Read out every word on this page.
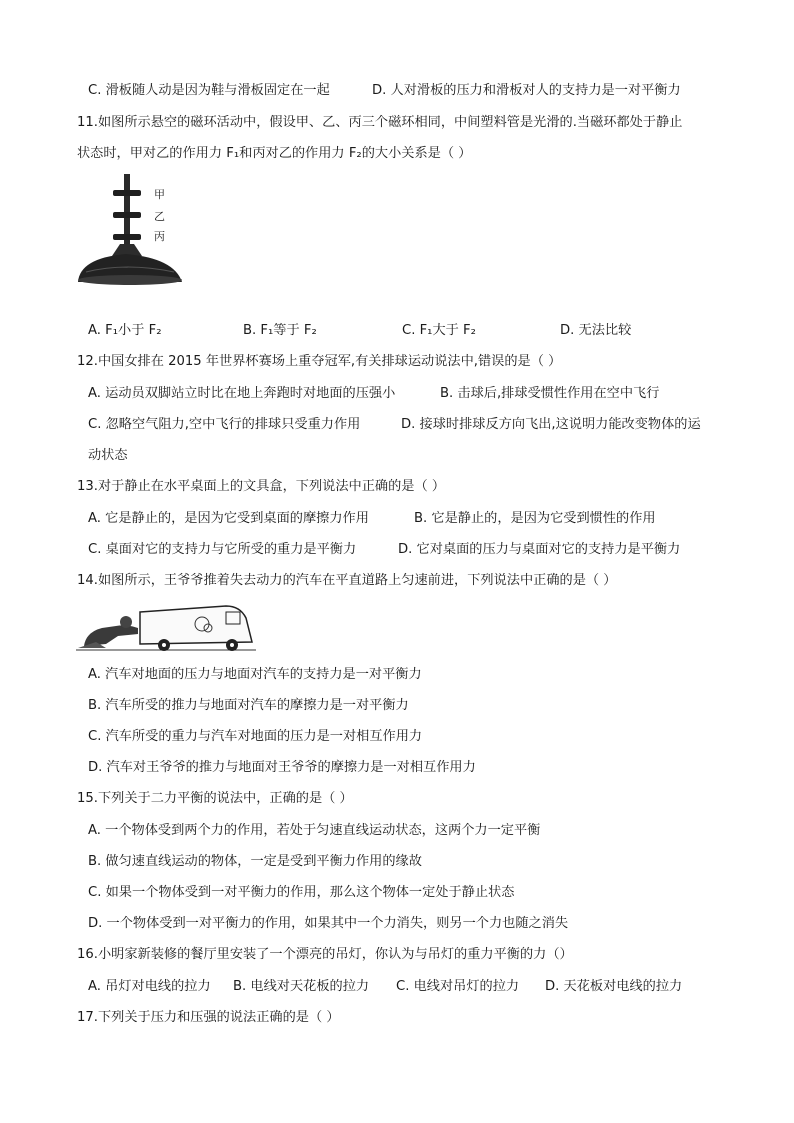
C. 滑板随人动是因为鞋与滑板固定在一起	D. 人对滑板的压力和滑板对人的支持力是一对平衡力
11.如图所示悬空的磁环活动中，假设甲、乙、丙三个磁环相同，中间塑料管是光滑的.当磁环都处于静止
状态时，甲对乙的作用力 F₁和丙对乙的作用力 F₂的大小关系是（ ）
甲
乙
丙
A. F₁小于 F₂	B. F₁等于 F₂	C. F₁大于 F₂	D. 无法比较
12.中国女排在 2015 年世界杯赛场上重夺冠军,有关排球运动说法中,错误的是（ ）
A. 运动员双脚站立时比在地上奔跑时对地面的压强小	B. 击球后,排球受惯性作用在空中飞行
C. 忽略空气阻力,空中飞行的排球只受重力作用	D. 接球时排球反方向飞出,这说明力能改变物体的运
动状态
13.对于静止在水平桌面上的文具盒，下列说法中正确的是（ ）
A. 它是静止的，是因为它受到桌面的摩擦力作用	B. 它是静止的，是因为它受到惯性的作用
C. 桌面对它的支持力与它所受的重力是平衡力	D. 它对桌面的压力与桌面对它的支持力是平衡力
14.如图所示，王爷爷推着失去动力的汽车在平直道路上匀速前进，下列说法中正确的是（ ）
A. 汽车对地面的压力与地面对汽车的支持力是一对平衡力
B. 汽车所受的推力与地面对汽车的摩擦力是一对平衡力
C. 汽车所受的重力与汽车对地面的压力是一对相互作用力
D. 汽车对王爷爷的推力与地面对王爷爷的摩擦力是一对相互作用力
15.下列关于二力平衡的说法中，正确的是（ ）
A. 一个物体受到两个力的作用，若处于匀速直线运动状态，这两个力一定平衡
B. 做匀速直线运动的物体，一定是受到平衡力作用的缘故
C. 如果一个物体受到一对平衡力的作用，那么这个物体一定处于静止状态
D. 一个物体受到一对平衡力的作用，如果其中一个力消失，则另一个力也随之消失
16.小明家新装修的餐厅里安装了一个漂亮的吊灯，你认为与吊灯的重力平衡的力（）
A. 吊灯对电线的拉力 B. 电线对天花板的拉力 C. 电线对吊灯的拉力 D. 天花板对电线的拉力
17.下列关于压力和压强的说法正确的是（ ）
